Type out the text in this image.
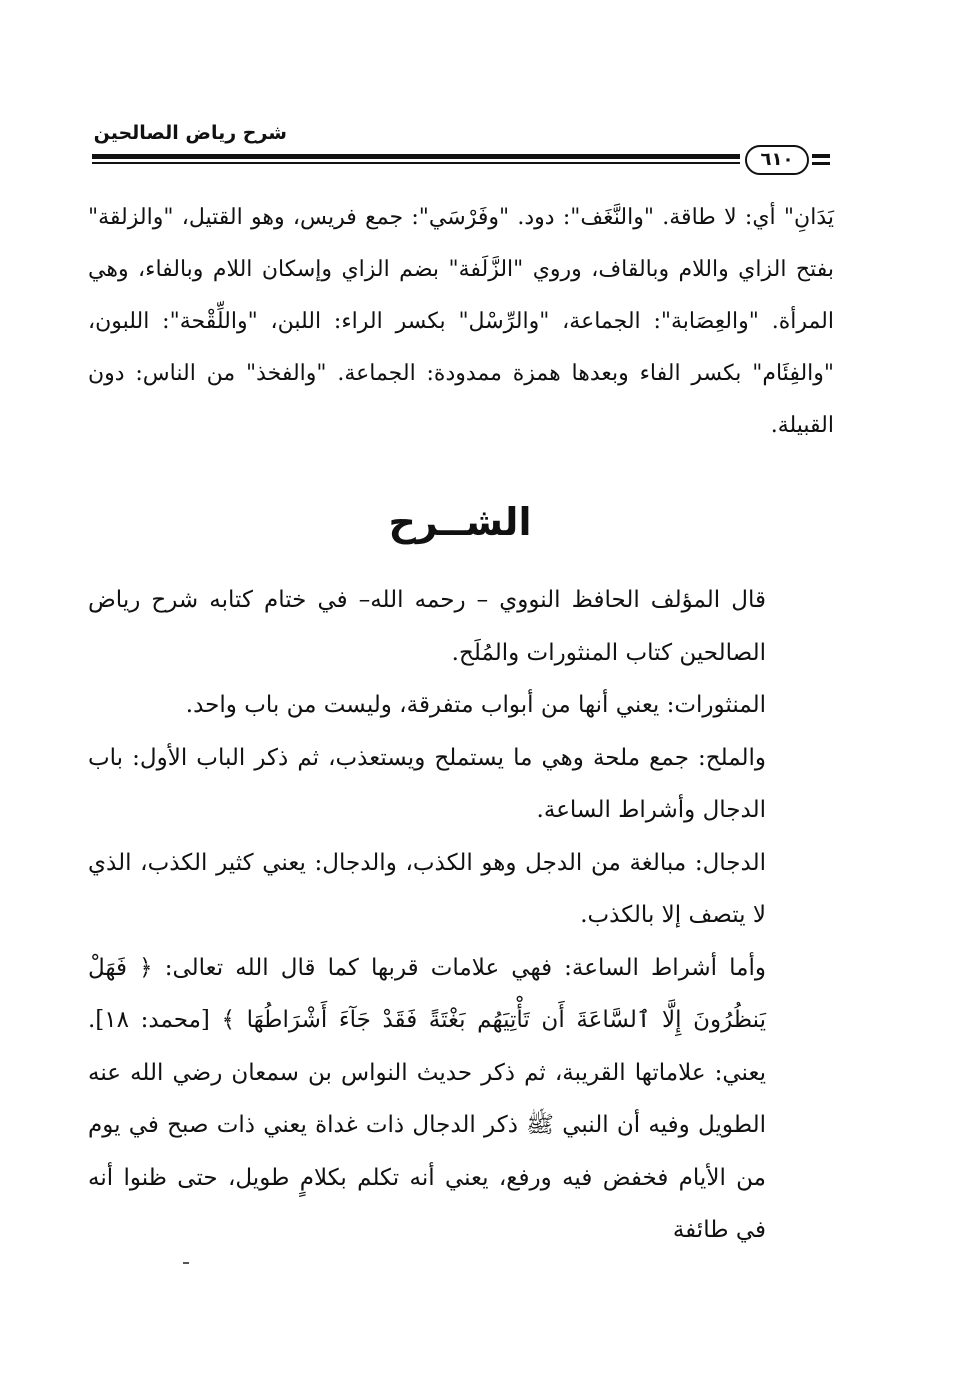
شرح رياض الصالحين
٦١٠

يَدَانِ" أي: لا طاقة. "والنَّغَف": دود. "وفَرْسَي": جمع فريس، وهو القتيل، "والزلقة" بفتح الزاي واللام وبالقاف، وروي "الزَّلَفة" بضم الزاي وإسكان اللام وبالفاء، وهي المرأة. "والعِصَابة": الجماعة، "والرِّسْل" بكسر الراء: اللبن، "واللِّقْحة": اللبون، "والفِئَام" بكسر الفاء وبعدها همزة ممدودة: الجماعة. "والفخذ" من الناس: دون القبيلة.

الشــرح

قال المؤلف الحافظ النووي – رحمه الله– في ختام كتابه شرح رياض الصالحين كتاب المنثورات والمُلَح.

المنثورات: يعني أنها من أبواب متفرقة، وليست من باب واحد.

والملح: جمع ملحة وهي ما يستملح ويستعذب، ثم ذكر الباب الأول: باب الدجال وأشراط الساعة.

الدجال: مبالغة من الدجل وهو الكذب، والدجال: يعني كثير الكذب، الذي لا يتصف إلا بالكذب.

وأما أشراط الساعة: فهي علامات قربها كما قال الله تعالى: ﴿ فَهَلْ يَنظُرُونَ إِلَّا ٱلسَّاعَةَ أَن تَأْتِيَهُم بَغْتَةً فَقَدْ جَآءَ أَشْرَاطُهَا ﴾ [محمد: ١٨]. يعني: علاماتها القريبة، ثم ذكر حديث النواس بن سمعان رضي الله عنه الطويل وفيه أن النبي ﷺ ذكر الدجال ذات غداة يعني ذات صبح في يوم من الأيام فخفض فيه ورفع، يعني أنه تكلم بكلامٍ طويل، حتى ظنوا أنه في طائفة
